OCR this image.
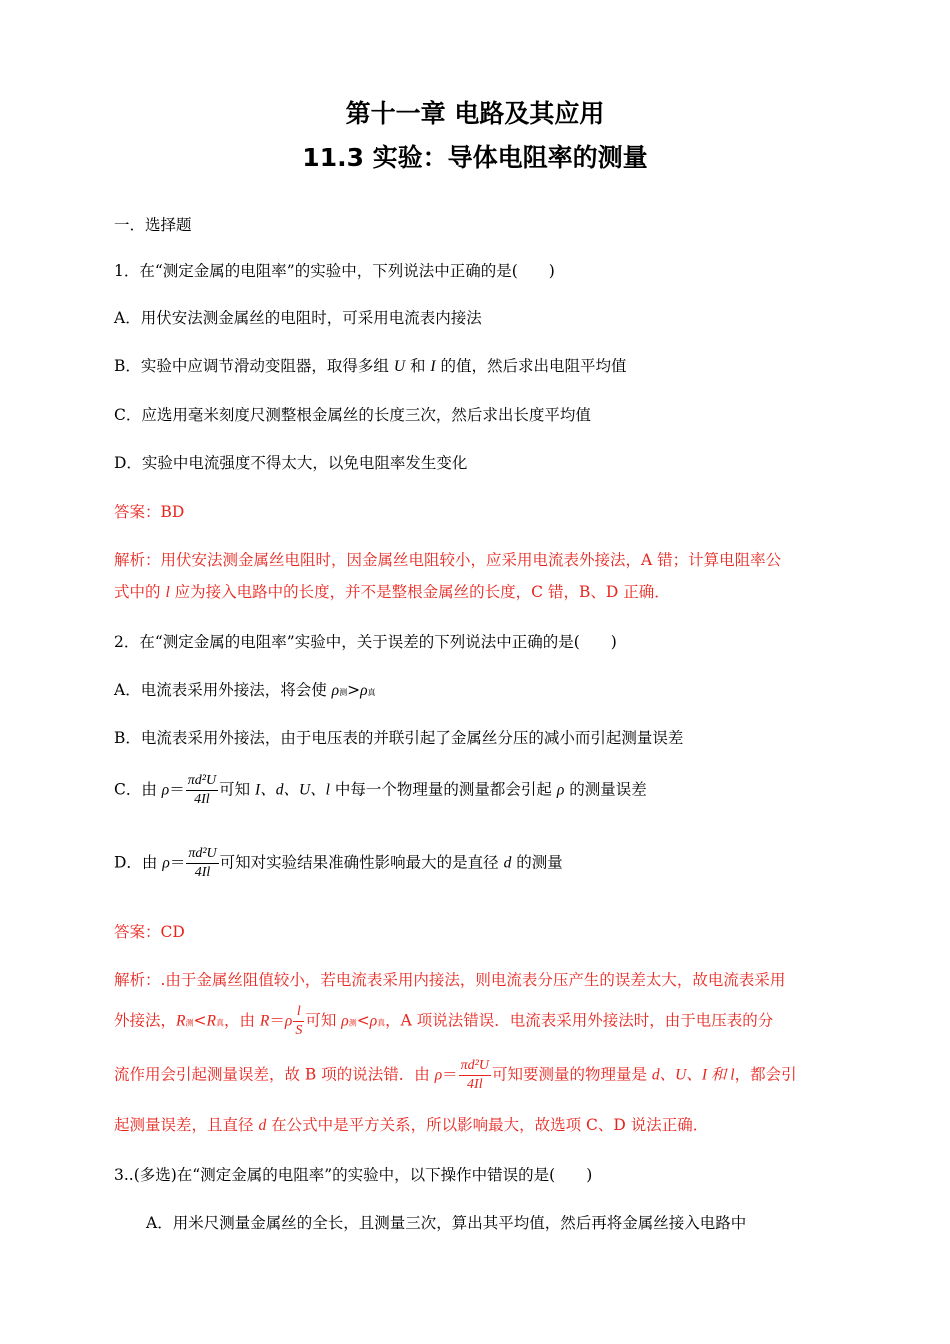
第十一章 电路及其应用
11.3 实验：导体电阻率的测量
一．选择题
1．在“测定金属的电阻率”的实验中，下列说法中正确的是(　　)
A．用伏安法测金属丝的电阻时，可采用电流表内接法
B．实验中应调节滑动变阻器，取得多组 U 和 I 的值，然后求出电阻平均值
C．应选用毫米刻度尺测整根金属丝的长度三次，然后求出长度平均值
D．实验中电流强度不得太大，以免电阻率发生变化
答案：BD
解析：用伏安法测金属丝电阻时，因金属丝电阻较小，应采用电流表外接法，A 错；计算电阻率公
式中的 l 应为接入电路中的长度，并不是整根金属丝的长度，C 错，B、D 正确．
2．在“测定金属的电阻率”实验中，关于误差的下列说法中正确的是(　　)
A．电流表采用外接法，将会使 ρ测>ρ真
B．电流表采用外接法，由于电压表的并联引起了金属丝分压的减小而引起测量误差
C．由 $\rho= \frac{\text{πd²U}}{4Il}$ 可知 I、d、U、l 中每一个物理量的测量都会引起 ρ 的测量误差
D．由 $\rho= \frac{\text{πd²U}}{4Il}$ 可知对实验结果准确性影响最大的是直径 d 的测量
答案：CD
解析：.由于金属丝阻值较小，若电流表采用内接法，则电流表分压产生的误差太大，故电流表采用
外接法，R测<R真，由 $R=\rho \frac{l}{S}$ 可知 ρ测<ρ真，A 项说法错误．电流表采用外接法时，由于电压表的分
流作用会引起测量误差，故 B 项的说法错．由 $\rho= \frac{\text{πd²U}}{4Il}$ 可知要测量的物理量是 d、U、I 和 l，都会引
起测量误差，且直径 d 在公式中是平方关系，所以影响最大，故选项 C、D 说法正确．
3..(多选)在“测定金属的电阻率”的实验中，以下操作中错误的是(　　)
A．用米尺测量金属丝的全长，且测量三次，算出其平均值，然后再将金属丝接入电路中
